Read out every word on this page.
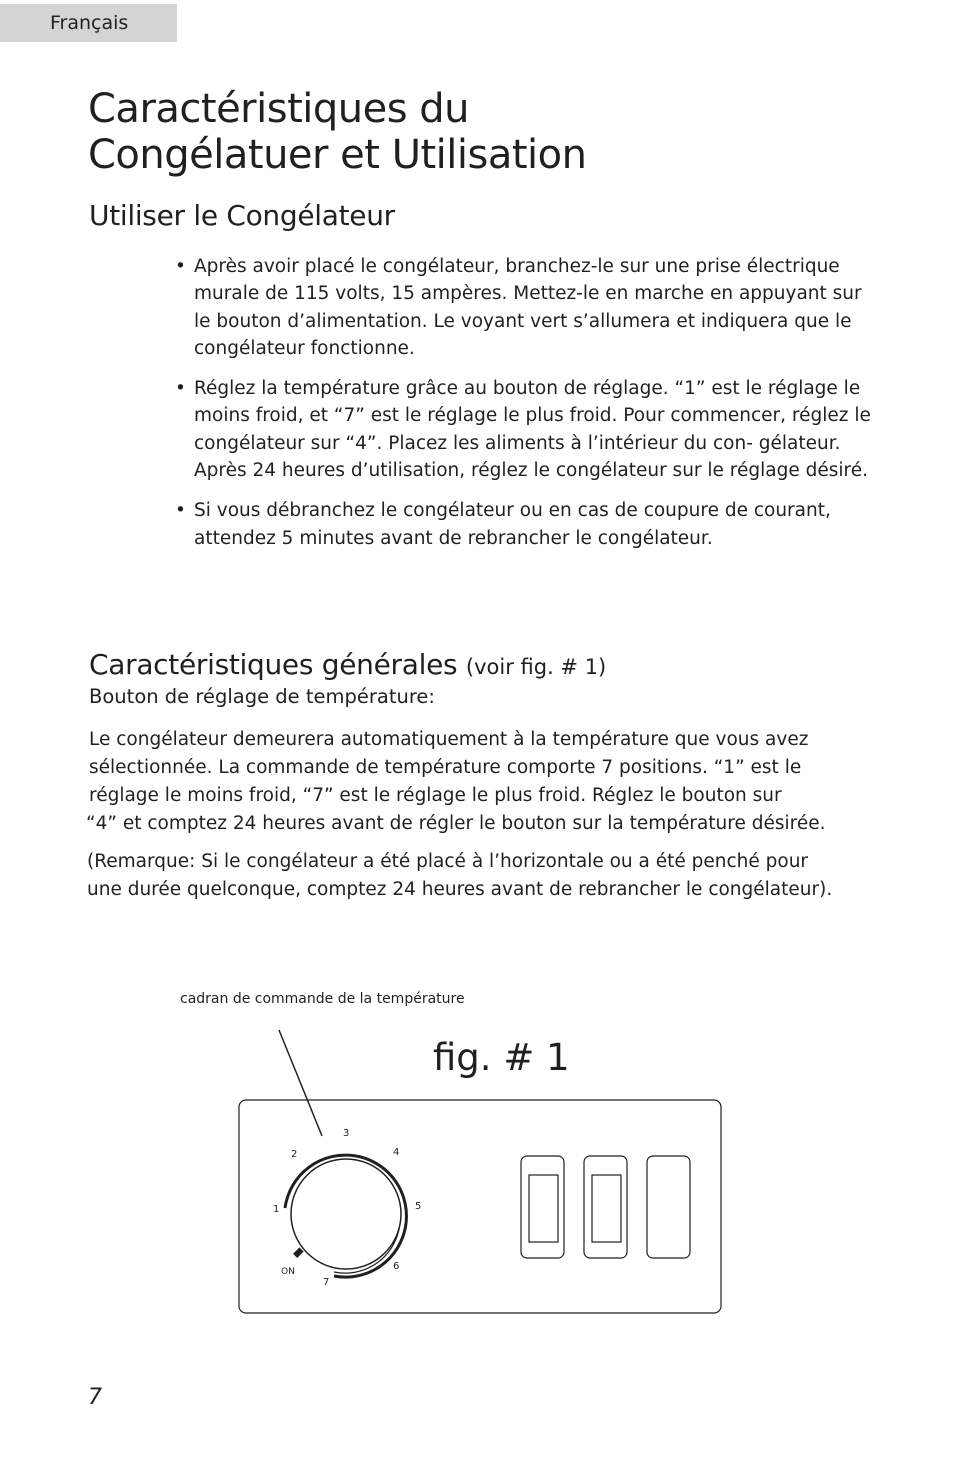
Français
Caractéristiques du
Congélatuer et Utilisation
Utiliser le Congélateur
• Après avoir placé le congélateur, branchez-le sur une prise électrique murale de 115 volts, 15 ampères. Mettez-le en marche en appuyant sur le bouton d’alimentation. Le voyant vert s’allumera et indiquera que le congélateur fonctionne.
• Réglez la température grâce au bouton de réglage. “1” est le réglage le moins froid, et “7” est le réglage le plus froid. Pour commencer, réglez le congélateur sur “4”. Placez les aliments à l’intérieur du con- gélateur. Après 24 heures d’utilisation, réglez le congélateur sur le réglage désiré.
• Si vous débranchez le congélateur ou en cas de coupure de courant, attendez 5 minutes avant de rebrancher le congélateur.
Caractéristiques générales (voir fig. # 1)
Bouton de réglage de température:

Le congélateur demeurera automatiquement à la température que vous avez
sélectionnée. La commande de température comporte 7 positions. “1” est le
réglage le moins froid, “7” est le réglage le plus froid. Réglez le bouton sur
“4” et comptez 24 heures avant de régler le bouton sur la température désirée.

(Remarque: Si le congélateur a été placé à l’horizontale ou a été penché pour
une durée quelconque, comptez 24 heures avant de rebrancher le congélateur).

cadran de commande de la température
fig. # 1
1
2
3
4
5
6
7
ON
7
